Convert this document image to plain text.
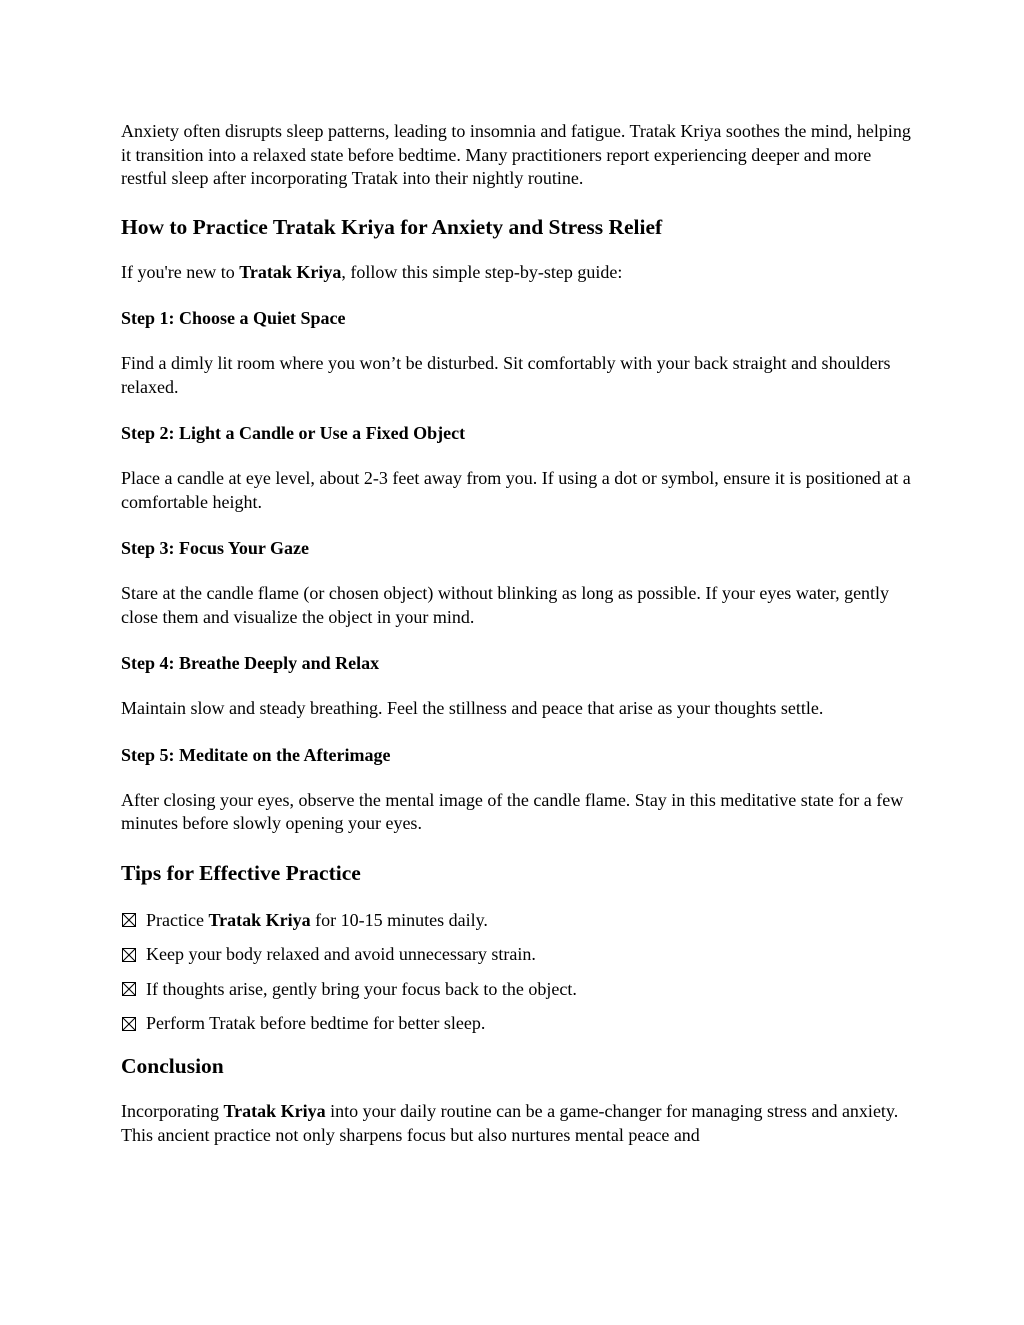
Anxiety often disrupts sleep patterns, leading to insomnia and fatigue. Tratak Kriya soothes the mind, helping it transition into a relaxed state before bedtime. Many practitioners report experiencing deeper and more restful sleep after incorporating Tratak into their nightly routine.

How to Practice Tratak Kriya for Anxiety and Stress Relief

If you're new to Tratak Kriya, follow this simple step-by-step guide:

Step 1: Choose a Quiet Space

Find a dimly lit room where you won’t be disturbed. Sit comfortably with your back straight and shoulders relaxed.

Step 2: Light a Candle or Use a Fixed Object

Place a candle at eye level, about 2-3 feet away from you. If using a dot or symbol, ensure it is positioned at a comfortable height.

Step 3: Focus Your Gaze

Stare at the candle flame (or chosen object) without blinking as long as possible. If your eyes water, gently close them and visualize the object in your mind.

Step 4: Breathe Deeply and Relax

Maintain slow and steady breathing. Feel the stillness and peace that arise as your thoughts settle.

Step 5: Meditate on the Afterimage

After closing your eyes, observe the mental image of the candle flame. Stay in this meditative state for a few minutes before slowly opening your eyes.

Tips for Effective Practice
Practice Tratak Kriya for 10-15 minutes daily.
Keep your body relaxed and avoid unnecessary strain.
If thoughts arise, gently bring your focus back to the object.
Perform Tratak before bedtime for better sleep.
Conclusion

Incorporating Tratak Kriya into your daily routine can be a game-changer for managing stress and anxiety. This ancient practice not only sharpens focus but also nurtures mental peace and
